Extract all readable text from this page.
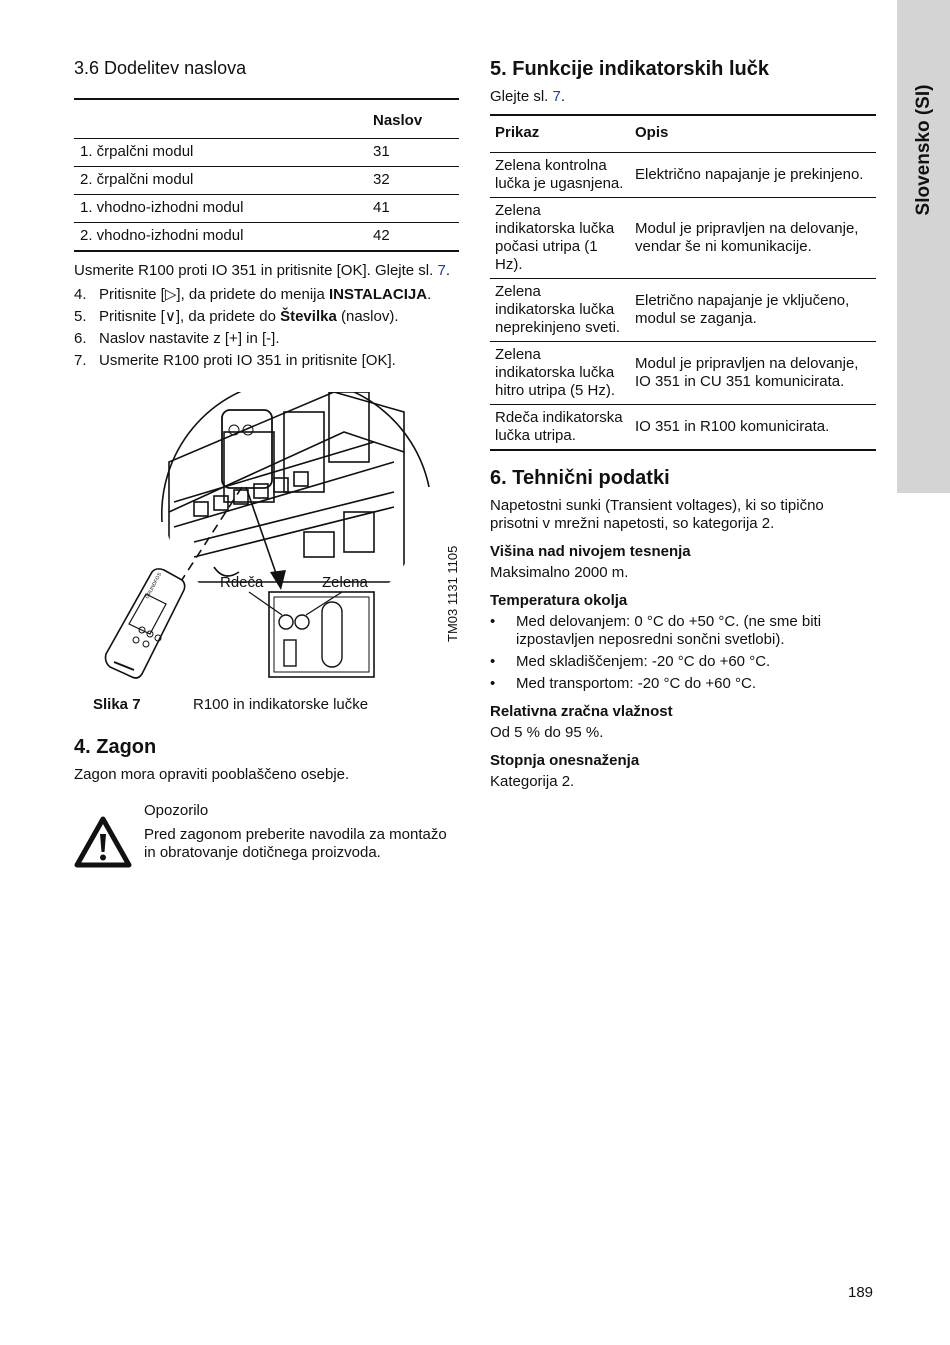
Slovensko (SI)
3.6 Dodelitev naslova
	Naslov
1. črpalčni modul	31
2. črpalčni modul	32
1. vhodno-izhodni modul	41
2. vhodno-izhodni modul	42

Usmerite R100 proti IO 351 in pritisnite [OK]. Glejte sl. 7.

4. Pritisnite [▷], da pridete do menija INSTALACIJA.
5. Pritisnite [∨], da pridete do Številka (naslov).
6. Naslov nastavite z [+] in [-].
7. Usmerite R100 proti IO 351 in pritisnite [OK].
Rdeča	Zelena
GRUNDFOS	TM03 1131 1105
Slika 7	R100 in indikatorske lučke
4. Zagon

Zagon mora opraviti pooblaščeno osebje.

Opozorilo

Pred zagonom preberite navodila za montažo in obratovanje dotičnega proizvoda.

5. Funkcije indikatorskih lučk

Glejte sl. 7.

Prikaz	Opis
Zelena kontrolna lučka je ugasnjena.	Električno napajanje je prekinjeno.
Zelena indikatorska lučka počasi utripa (1 Hz).	Modul je pripravljen na delovanje, vendar še ni komunikacije.
Zelena indikatorska lučka neprekinjeno sveti.	Eletrično napajanje je vključeno, modul se zaganja.
Zelena indikatorska lučka hitro utripa (5 Hz).	Modul je pripravljen na delovanje, IO 351 in CU 351 komunicirata.
Rdeča indikatorska lučka utripa.	IO 351 in R100 komunicirata.
6. Tehnični podatki

Napetostni sunki (Transient voltages), ki so tipično prisotni v mrežni napetosti, so kategorija 2.

Višina nad nivojem tesnenja

Maksimalno 2000 m.

Temperatura okolja

• Med delovanjem: 0 °C do +50 °C. (ne sme biti izpostavljen neposredni sončni svetlobi).
• Med skladiščenjem: -20 °C do +60 °C.
• Med transportom: -20 °C do +60 °C.

Relativna zračna vlažnost

Od 5 % do 95 %.

Stopnja onesnaženja

Kategorija 2.

189
